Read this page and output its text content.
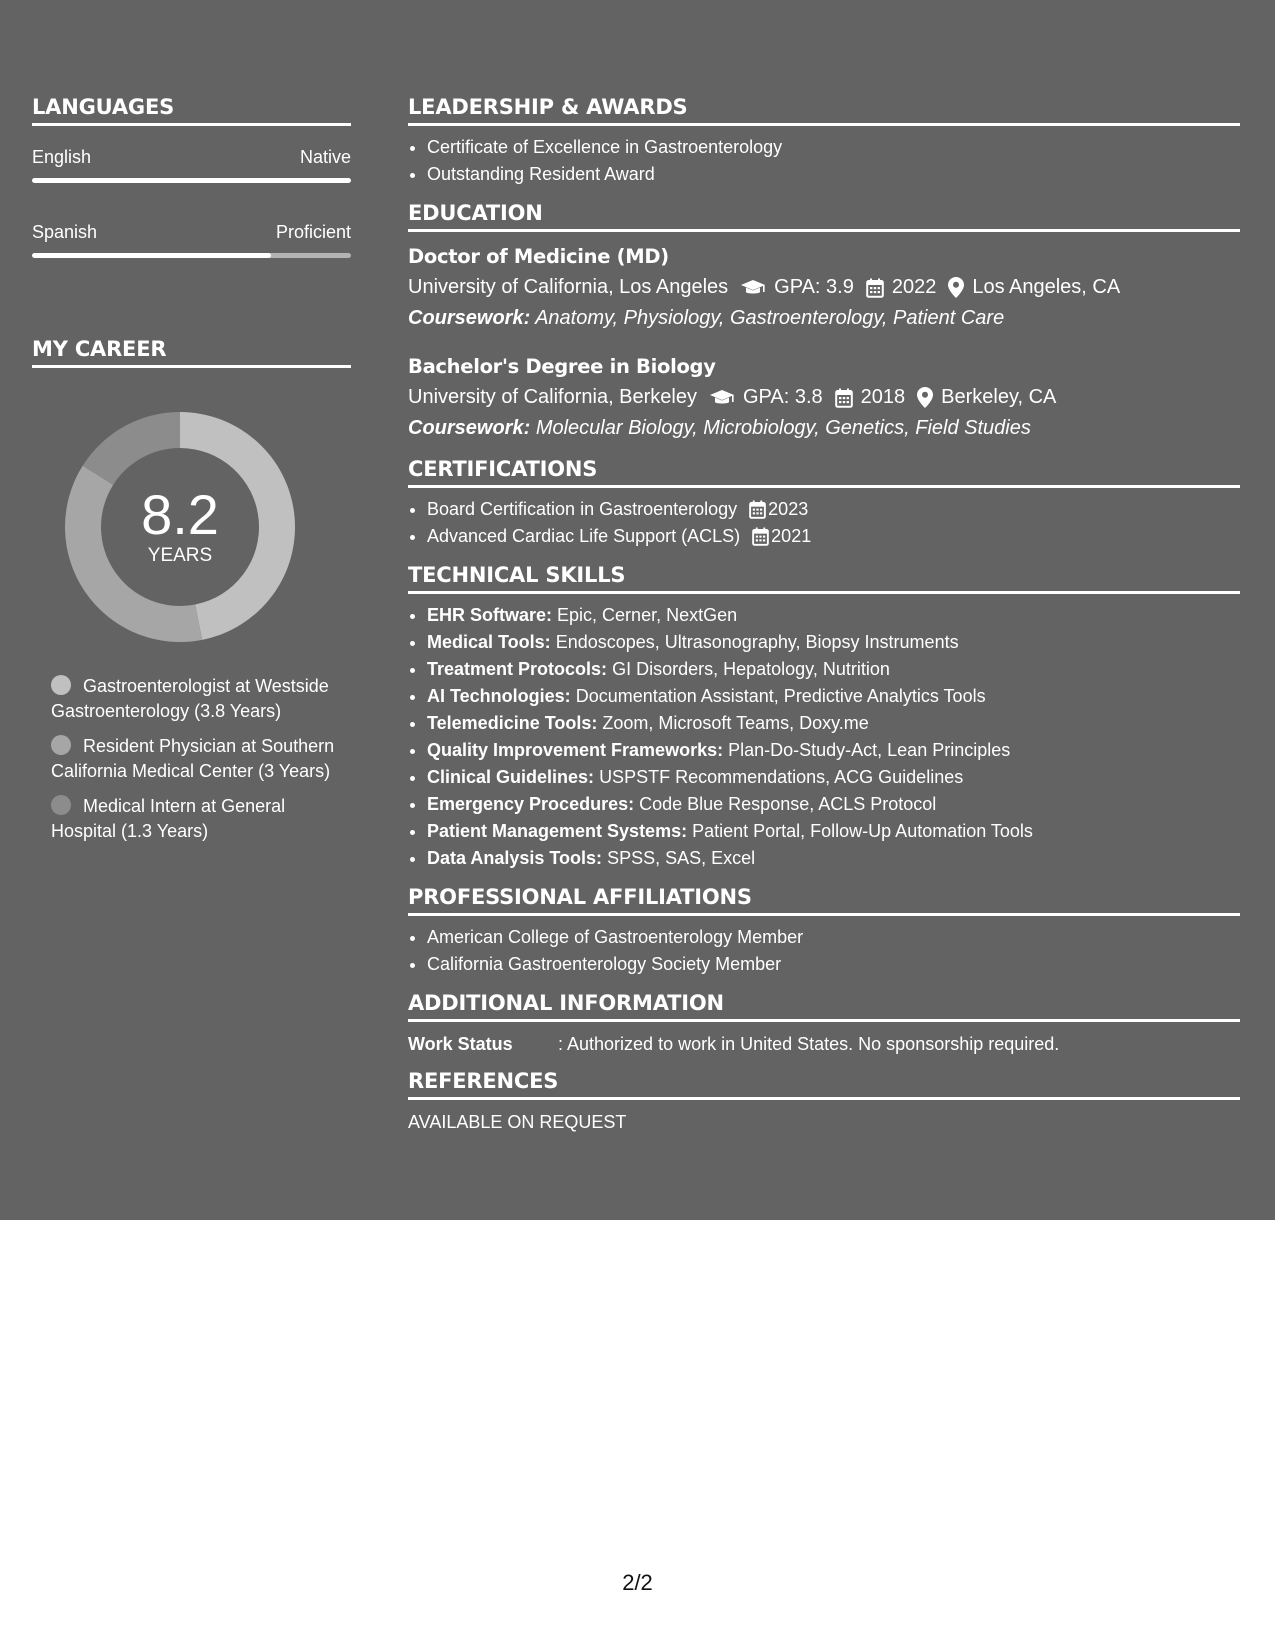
LANGUAGES
English	Native
Spanish	Proficient
MY CAREER
8.2
YEARS
Gastroenterologist at Westside Gastroenterology (3.8 Years)
Resident Physician at Southern California Medical Center (3 Years)
Medical Intern at General Hospital (1.3 Years)
LEADERSHIP & AWARDS
• Certificate of Excellence in Gastroenterology
• Outstanding Resident Award
EDUCATION
Doctor of Medicine (MD)
University of California, Los Angeles GPA: 3.9 2022 Los Angeles, CA
Coursework: Anatomy, Physiology, Gastroenterology, Patient Care
Bachelor's Degree in Biology
University of California, Berkeley GPA: 3.8 2018 Berkeley, CA
Coursework: Molecular Biology, Microbiology, Genetics, Field Studies
CERTIFICATIONS
• Board Certification in Gastroenterology 2023
• Advanced Cardiac Life Support (ACLS) 2021
TECHNICAL SKILLS
• EHR Software: Epic, Cerner, NextGen
• Medical Tools: Endoscopes, Ultrasonography, Biopsy Instruments
• Treatment Protocols: GI Disorders, Hepatology, Nutrition
• AI Technologies: Documentation Assistant, Predictive Analytics Tools
• Telemedicine Tools: Zoom, Microsoft Teams, Doxy.me
• Quality Improvement Frameworks: Plan-Do-Study-Act, Lean Principles
• Clinical Guidelines: USPSTF Recommendations, ACG Guidelines
• Emergency Procedures: Code Blue Response, ACLS Protocol
• Patient Management Systems: Patient Portal, Follow-Up Automation Tools
• Data Analysis Tools: SPSS, SAS, Excel
PROFESSIONAL AFFILIATIONS
• American College of Gastroenterology Member
• California Gastroenterology Society Member
ADDITIONAL INFORMATION
Work Status	: Authorized to work in United States. No sponsorship required.
REFERENCES
AVAILABLE ON REQUEST
2/2
